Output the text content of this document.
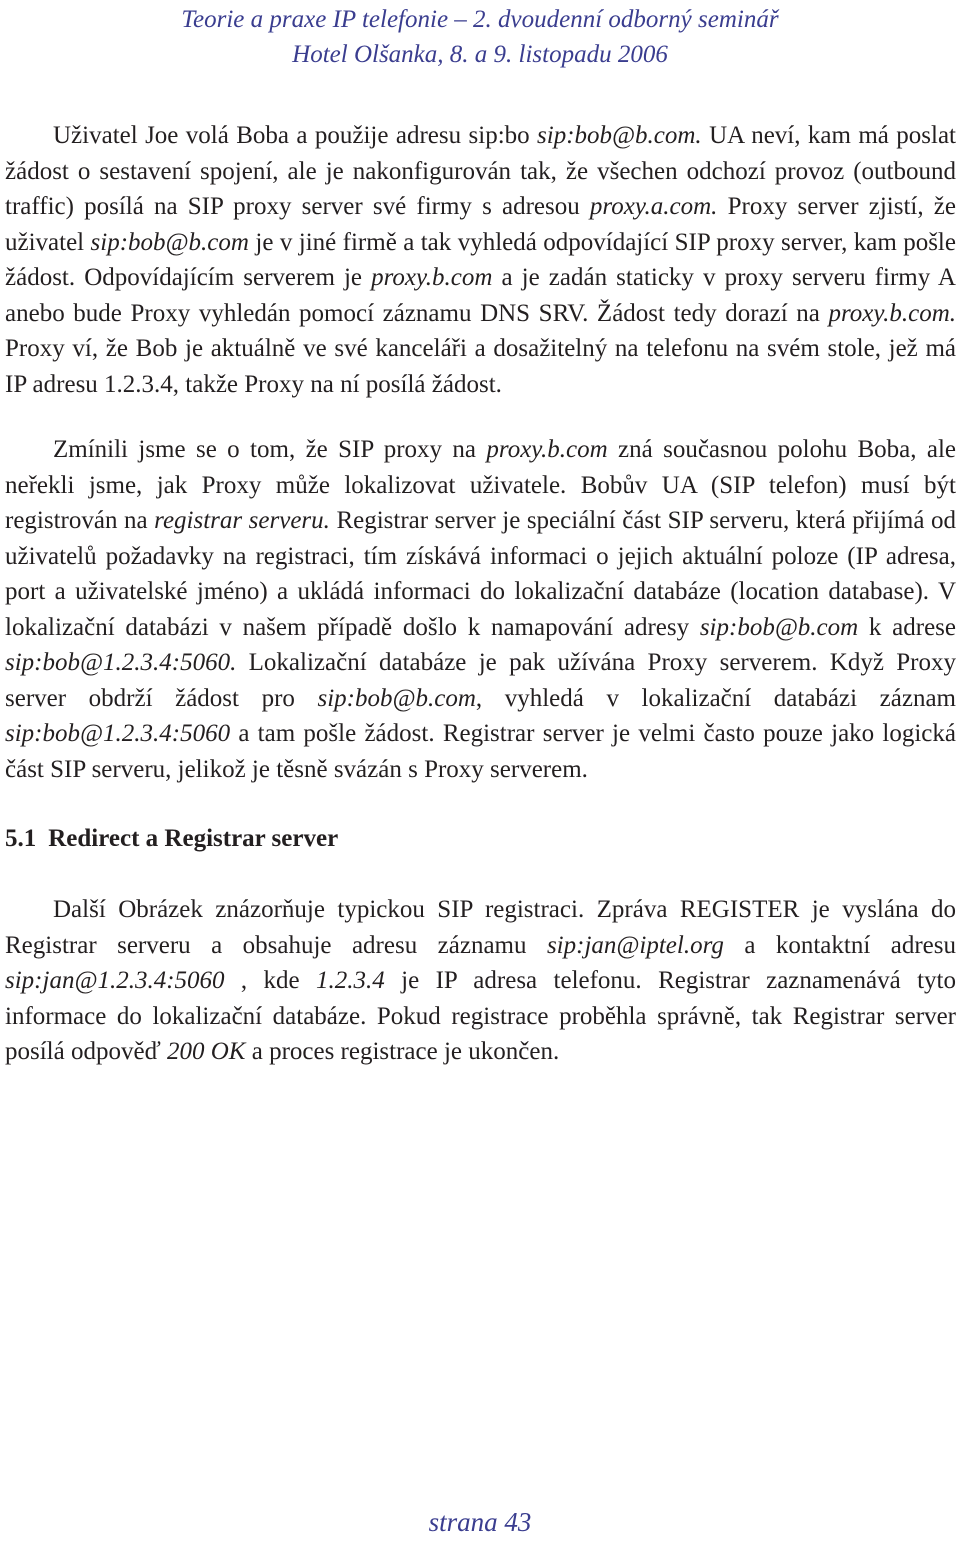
Teorie a praxe IP telefonie – 2. dvoudenní odborný seminář
Hotel Olšanka, 8. a 9. listopadu 2006

Uživatel Joe volá Boba a použije adresu sip:bo sip:bob@b.com. UA neví, kam má poslat žádost o sestavení spojení, ale je nakonfigurován tak, že všechen odchozí provoz (outbound traffic) posílá na SIP proxy server své firmy s adresou proxy.a.com. Proxy server zjistí, že uživatel sip:bob@b.com je v jiné firmě a tak vyhledá odpovídající SIP proxy server, kam pošle žádost. Odpovídajícím serverem je proxy.b.com a je zadán staticky v proxy serveru firmy A anebo bude Proxy vyhledán pomocí záznamu DNS SRV. Žádost tedy dorazí na proxy.b.com. Proxy ví, že Bob je aktuálně ve své kanceláři a dosažitelný na telefonu na svém stole, jež má IP adresu 1.2.3.4, takže Proxy na ní posílá žádost.

Zmínili jsme se o tom, že SIP proxy na proxy.b.com zná současnou polohu Boba, ale neřekli jsme, jak Proxy může lokalizovat uživatele. Bobův UA (SIP telefon) musí být registrován na registrar serveru. Registrar server je speciální část SIP serveru, která přijímá od uživatelů požadavky na registraci, tím získává informaci o jejich aktuální poloze (IP adresa, port a uživatelské jméno) a ukládá informaci do lokalizační databáze (location database). V lokalizační databázi v našem případě došlo k namapování adresy sip:bob@b.com k adrese sip:bob@1.2.3.4:5060. Lokalizační databáze je pak užívána Proxy serverem. Když Proxy server obdrží žádost pro sip:bob@b.com, vyhledá v lokalizační databázi záznam sip:bob@1.2.3.4:5060 a tam pošle žádost. Registrar server je velmi často pouze jako logická část SIP serveru, jelikož je těsně svázán s Proxy serverem.

5.1 Redirect a Registrar server

Další Obrázek znázorňuje typickou SIP registraci. Zpráva REGISTER je vyslána do Registrar serveru a obsahuje adresu záznamu sip:jan@iptel.org a kontaktní adresu sip:jan@1.2.3.4:5060 , kde 1.2.3.4 je IP adresa telefonu. Registrar zaznamenává tyto informace do lokalizační databáze. Pokud registrace proběhla správně, tak Registrar server posílá odpověď 200 OK a proces registrace je ukončen.

strana 43
